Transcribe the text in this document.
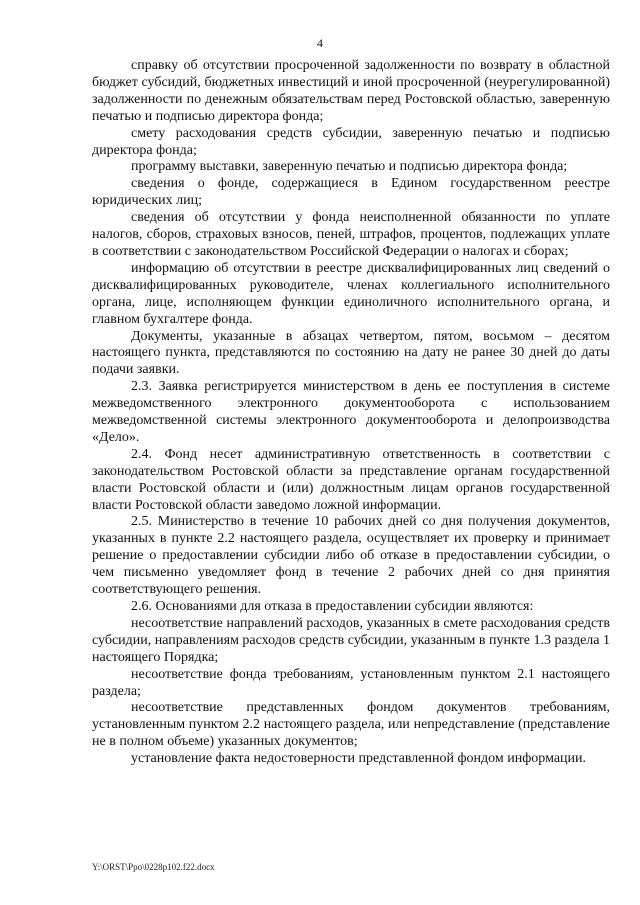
4

справку об отсутствии просроченной задолженности по возврату в областной бюджет субсидий, бюджетных инвестиций и иной просроченной (неурегулированной) задолженности по денежным обязательствам перед Ростовской областью, заверенную печатью и подписью директора фонда;

смету расходования средств субсидии, заверенную печатью и подписью директора фонда;

программу выставки, заверенную печатью и подписью директора фонда;

сведения о фонде, содержащиеся в Едином государственном реестре юридических лиц;

сведения об отсутствии у фонда неисполненной обязанности по уплате налогов, сборов, страховых взносов, пеней, штрафов, процентов, подлежащих уплате в соответствии с законодательством Российской Федерации о налогах и сборах;

информацию об отсутствии в реестре дисквалифицированных лиц сведений о дисквалифицированных руководителе, членах коллегиального исполнительного органа, лице, исполняющем функции единоличного исполнительного органа, и главном бухгалтере фонда.

Документы, указанные в абзацах четвертом, пятом, восьмом – десятом настоящего пункта, представляются по состоянию на дату не ранее 30 дней до даты подачи заявки.

2.3. Заявка регистрируется министерством в день ее поступления в системе межведомственного электронного документооборота с использованием межведомственной системы электронного документооборота и делопроизводства «Дело».

2.4. Фонд несет административную ответственность в соответствии с законодательством Ростовской области за представление органам государственной власти Ростовской области и (или) должностным лицам органов государственной власти Ростовской области заведомо ложной информации.

2.5. Министерство в течение 10 рабочих дней со дня получения документов, указанных в пункте 2.2 настоящего раздела, осуществляет их проверку и принимает решение о предоставлении субсидии либо об отказе в предоставлении субсидии, о чем письменно уведомляет фонд в течение 2 рабочих дней со дня принятия соответствующего решения.

2.6. Основаниями для отказа в предоставлении субсидии являются:

несоответствие направлений расходов, указанных в смете расходования средств субсидии, направлениям расходов средств субсидии, указанным в пункте 1.3 раздела 1 настоящего Порядка;

несоответствие фонда требованиям, установленным пунктом 2.1 настоящего раздела;

несоответствие представленных фондом документов требованиям, установленным пунктом 2.2 настоящего раздела, или непредставление (представление не в полном объеме) указанных документов;

установление факта недостоверности представленной фондом информации.

Y:\ORST\Ppo\0228p102.f22.docx
